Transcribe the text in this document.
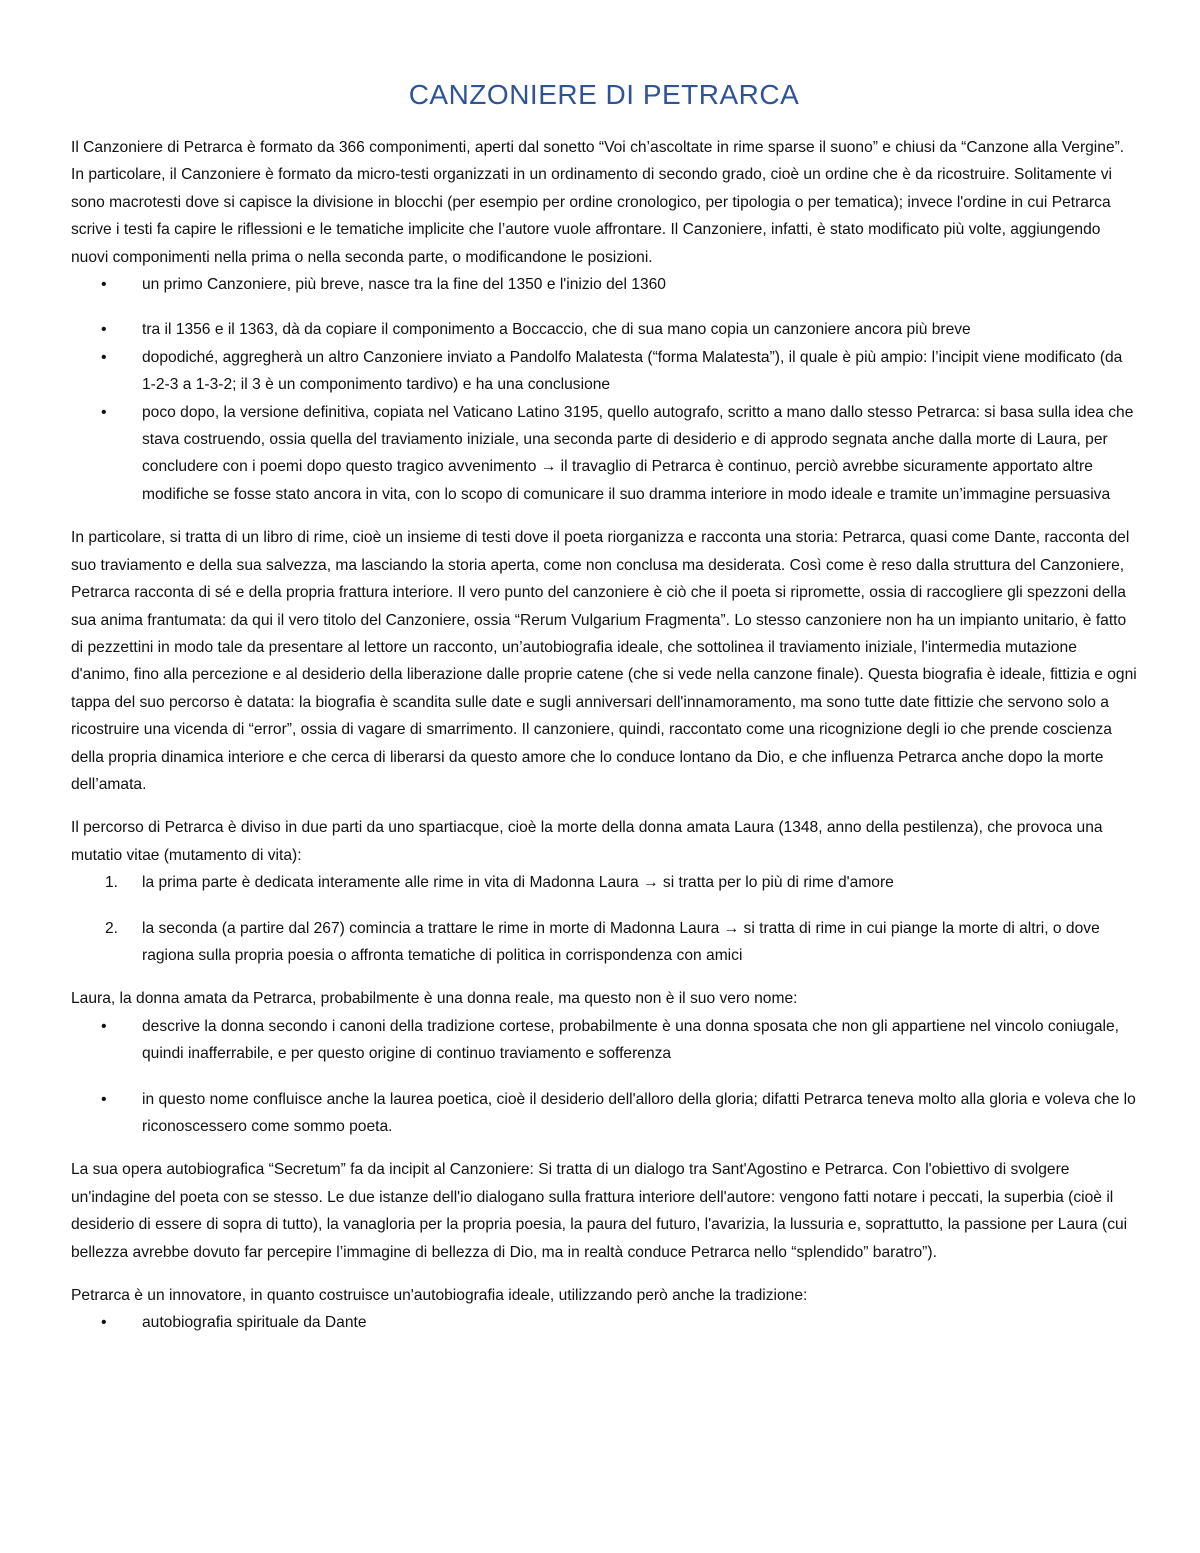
CANZONIERE DI PETRARCA

Il Canzoniere di Petrarca è formato da 366 componimenti, aperti dal sonetto “Voi ch’ascoltate in rime sparse il suono” e chiusi da “Canzone alla Vergine”. In particolare, il Canzoniere è formato da micro-testi organizzati in un ordinamento di secondo grado, cioè un ordine che è da ricostruire. Solitamente vi sono macrotesti dove si capisce la divisione in blocchi (per esempio per ordine cronologico, per tipologia o per tematica); invece l'ordine in cui Petrarca scrive i testi fa capire le riflessioni e le tematiche implicite che l’autore vuole affrontare. Il Canzoniere, infatti, è stato modificato più volte, aggiungendo nuovi componimenti nella prima o nella seconda parte, o modificandone le posizioni.

• un primo Canzoniere, più breve, nasce tra la fine del 1350 e l'inizio del 1360
• tra il 1356 e il 1363, dà da copiare il componimento a Boccaccio, che di sua mano copia un canzoniere ancora più breve
• dopodiché, aggregherà un altro Canzoniere inviato a Pandolfo Malatesta (“forma Malatesta”), il quale è più ampio: l’incipit viene modificato (da 1-2-3 a 1-3-2; il 3 è un componimento tardivo) e ha una conclusione
• poco dopo, la versione definitiva, copiata nel Vaticano Latino 3195, quello autografo, scritto a mano dallo stesso Petrarca: si basa sulla idea che stava costruendo, ossia quella del traviamento iniziale, una seconda parte di desiderio e di approdo segnata anche dalla morte di Laura, per concludere con i poemi dopo questo tragico avvenimento → il travaglio di Petrarca è continuo, perciò avrebbe sicuramente apportato altre modifiche se fosse stato ancora in vita, con lo scopo di comunicare il suo dramma interiore in modo ideale e tramite un’immagine persuasiva

In particolare, si tratta di un libro di rime, cioè un insieme di testi dove il poeta riorganizza e racconta una storia: Petrarca, quasi come Dante, racconta del suo traviamento e della sua salvezza, ma lasciando la storia aperta, come non conclusa ma desiderata. Così come è reso dalla struttura del Canzoniere, Petrarca racconta di sé e della propria frattura interiore. Il vero punto del canzoniere è ciò che il poeta si ripromette, ossia di raccogliere gli spezzoni della sua anima frantumata: da qui il vero titolo del Canzoniere, ossia “Rerum Vulgarium Fragmenta”. Lo stesso canzoniere non ha un impianto unitario, è fatto di pezzettini in modo tale da presentare al lettore un racconto, un’autobiografia ideale, che sottolinea il traviamento iniziale, l'intermedia mutazione d'animo, fino alla percezione e al desiderio della liberazione dalle proprie catene (che si vede nella canzone finale). Questa biografia è ideale, fittizia e ogni tappa del suo percorso è datata: la biografia è scandita sulle date e sugli anniversari dell'innamoramento, ma sono tutte date fittizie che servono solo a ricostruire una vicenda di “error”, ossia di vagare di smarrimento. Il canzoniere, quindi, raccontato come una ricognizione degli io che prende coscienza della propria dinamica interiore e che cerca di liberarsi da questo amore che lo conduce lontano da Dio, e che influenza Petrarca anche dopo la morte dell’amata.

Il percorso di Petrarca è diviso in due parti da uno spartiacque, cioè la morte della donna amata Laura (1348, anno della pestilenza), che provoca una mutatio vitae (mutamento di vita):

1. la prima parte è dedicata interamente alle rime in vita di Madonna Laura → si tratta per lo più di rime d'amore
2. la seconda (a partire dal 267) comincia a trattare le rime in morte di Madonna Laura → si tratta di rime in cui piange la morte di altri, o dove ragiona sulla propria poesia o affronta tematiche di politica in corrispondenza con amici

Laura, la donna amata da Petrarca, probabilmente è una donna reale, ma questo non è il suo vero nome:

• descrive la donna secondo i canoni della tradizione cortese, probabilmente è una donna sposata che non gli appartiene nel vincolo coniugale, quindi inafferrabile, e per questo origine di continuo traviamento e sofferenza
• in questo nome confluisce anche la laurea poetica, cioè il desiderio dell'alloro della gloria; difatti Petrarca teneva molto alla gloria e voleva che lo riconoscessero come sommo poeta.

La sua opera autobiografica “Secretum” fa da incipit al Canzoniere: Si tratta di un dialogo tra Sant'Agostino e Petrarca. Con l'obiettivo di svolgere un'indagine del poeta con se stesso. Le due istanze dell'io dialogano sulla frattura interiore dell'autore: vengono fatti notare i peccati, la superbia (cioè il desiderio di essere di sopra di tutto), la vanagloria per la propria poesia, la paura del futuro, l'avarizia, la lussuria e, soprattutto, la passione per Laura (cui bellezza avrebbe dovuto far percepire l’immagine di bellezza di Dio, ma in realtà conduce Petrarca nello “splendido” baratro”).

Petrarca è un innovatore, in quanto costruisce un'autobiografia ideale, utilizzando però anche la tradizione:

• autobiografia spirituale da Dante
